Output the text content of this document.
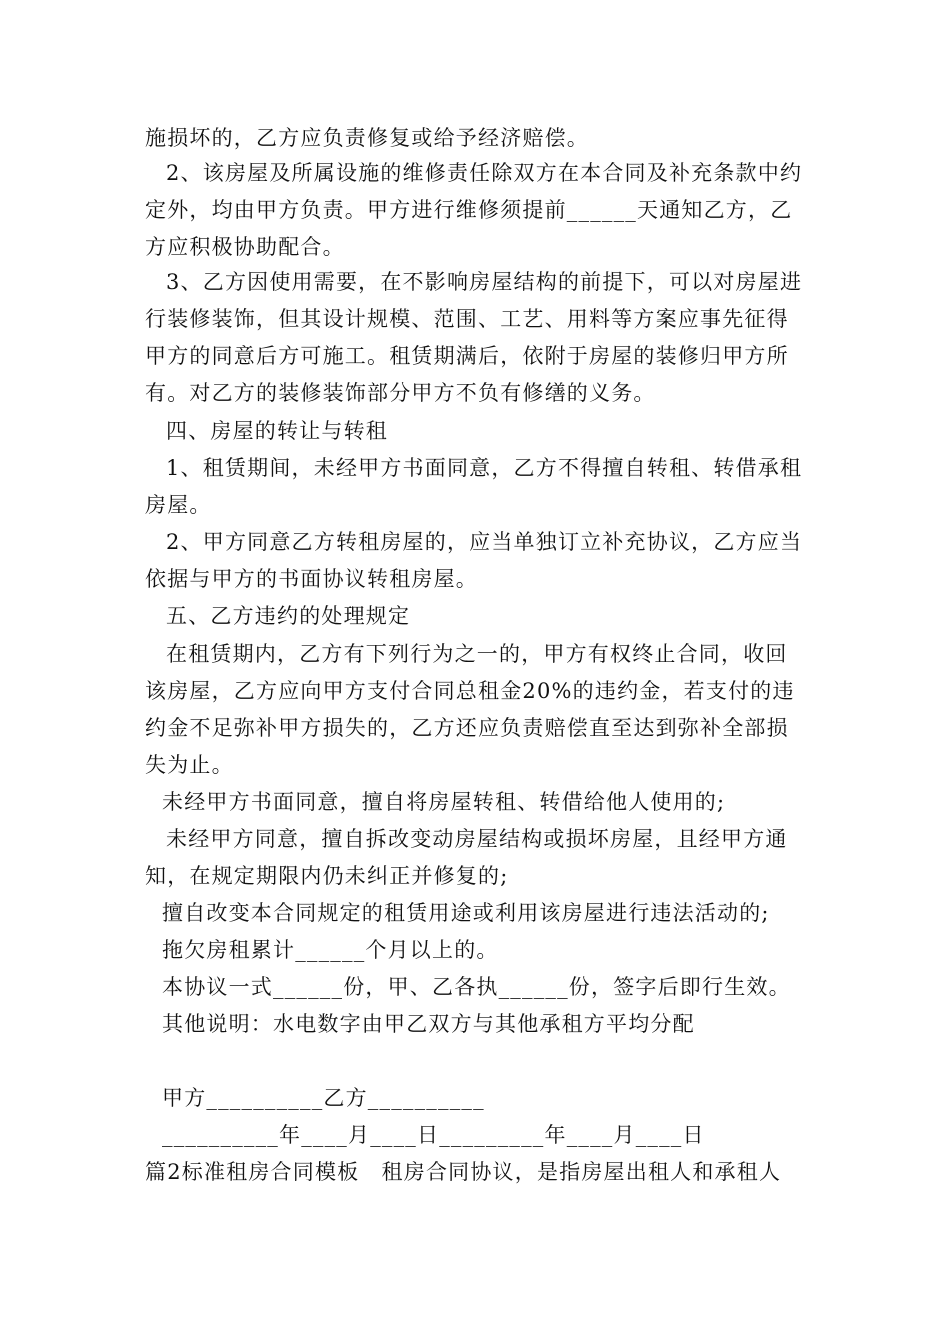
施损坏的，乙方应负责修复或给予经济赔偿。
2、该房屋及所属设施的维修责任除双方在本合同及补充条款中约
定外，均由甲方负责。甲方进行维修须提前______天通知乙方，乙
方应积极协助配合。
3、乙方因使用需要，在不影响房屋结构的前提下，可以对房屋进
行装修装饰，但其设计规模、范围、工艺、用料等方案应事先征得
甲方的同意后方可施工。租赁期满后，依附于房屋的装修归甲方所
有。对乙方的装修装饰部分甲方不负有修缮的义务。
四、房屋的转让与转租
1、租赁期间，未经甲方书面同意，乙方不得擅自转租、转借承租
房屋。
2、甲方同意乙方转租房屋的，应当单独订立补充协议，乙方应当
依据与甲方的书面协议转租房屋。
五、乙方违约的处理规定
在租赁期内，乙方有下列行为之一的，甲方有权终止合同，收回
该房屋，乙方应向甲方支付合同总租金20%的违约金，若支付的违
约金不足弥补甲方损失的，乙方还应负责赔偿直至达到弥补全部损
失为止。
未经甲方书面同意，擅自将房屋转租、转借给他人使用的;
未经甲方同意，擅自拆改变动房屋结构或损坏房屋，且经甲方通
知，在规定期限内仍未纠正并修复的;
擅自改变本合同规定的租赁用途或利用该房屋进行违法活动的;
拖欠房租累计______个月以上的。
本协议一式______份，甲、乙各执______份，签字后即行生效。
其他说明：水电数字由甲乙双方与其他承租方平均分配
甲方__________乙方__________
__________年____月____日_________年____月____日
篇2标准租房合同模板　租房合同协议，是指房屋出租人和承租人
